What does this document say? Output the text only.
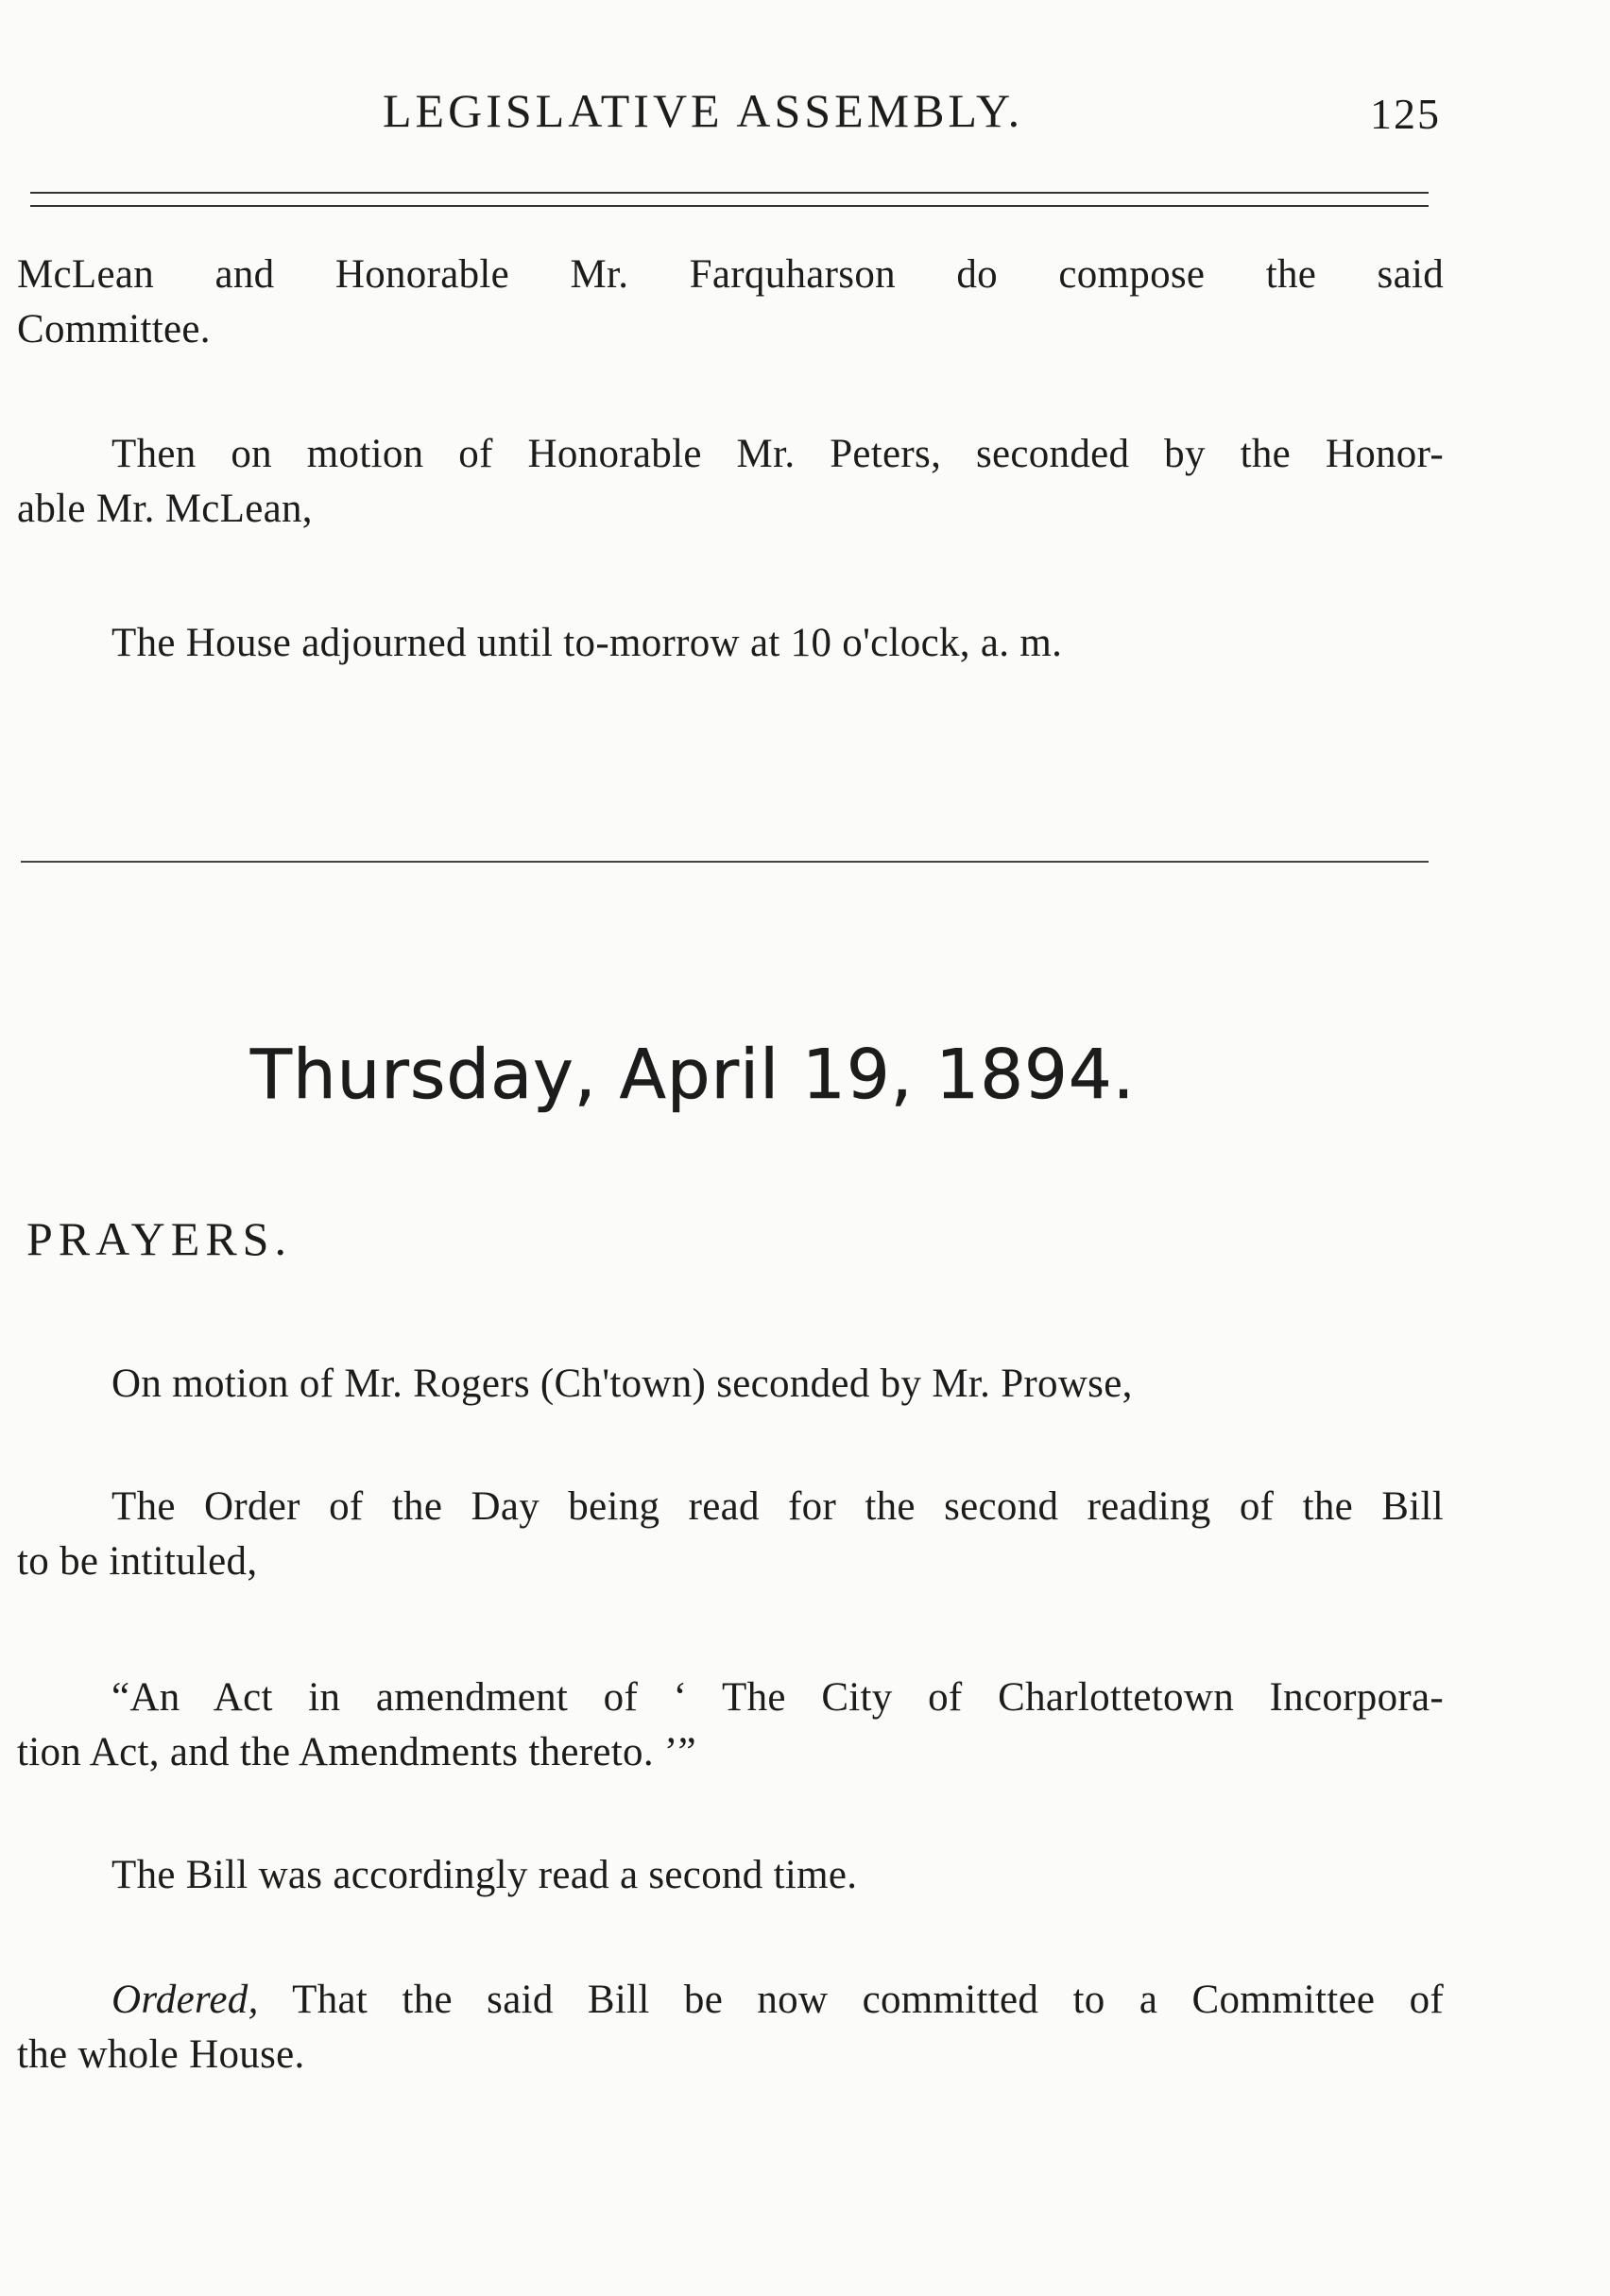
LEGISLATIVE ASSEMBLY.	125

McLean and Honorable Mr. Farquharson do compose the said
Committee.

Then on motion of Honorable Mr. Peters, seconded by the Honor-
able Mr. McLean,

The House adjourned until to-morrow at 10 o'clock, a. m.

Thursday, April 19, 1894.
PRAYERS.

On motion of Mr. Rogers (Ch'town) seconded by Mr. Prowse,

The Order of the Day being read for the second reading of the Bill
to be intituled,

“An Act in amendment of ‘ The City of Charlottetown Incorpora-
tion Act, and the Amendments thereto. ’”

The Bill was accordingly read a second time.

Ordered, That the said Bill be now committed to a Committee of
the whole House.
